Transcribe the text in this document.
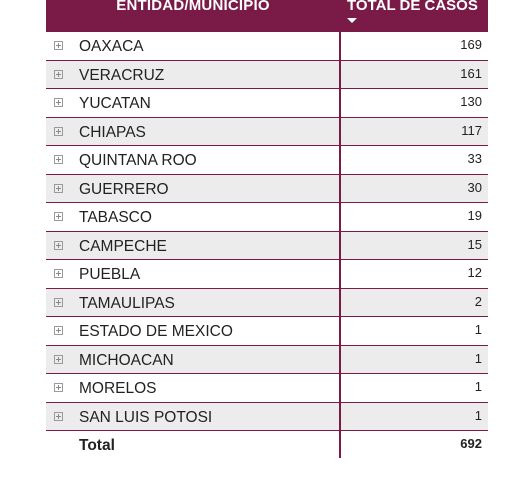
ENTIDAD/MUNICIPIO	TOTAL DE CASOS
OAXACA	169
VERACRUZ	161
YUCATAN	130
CHIAPAS	117
QUINTANA ROO	33
GUERRERO	30
TABASCO	19
CAMPECHE	15
PUEBLA	12
TAMAULIPAS	2
ESTADO DE MEXICO	1
MICHOACAN	1
MORELOS	1
SAN LUIS POTOSI	1
Total	692
